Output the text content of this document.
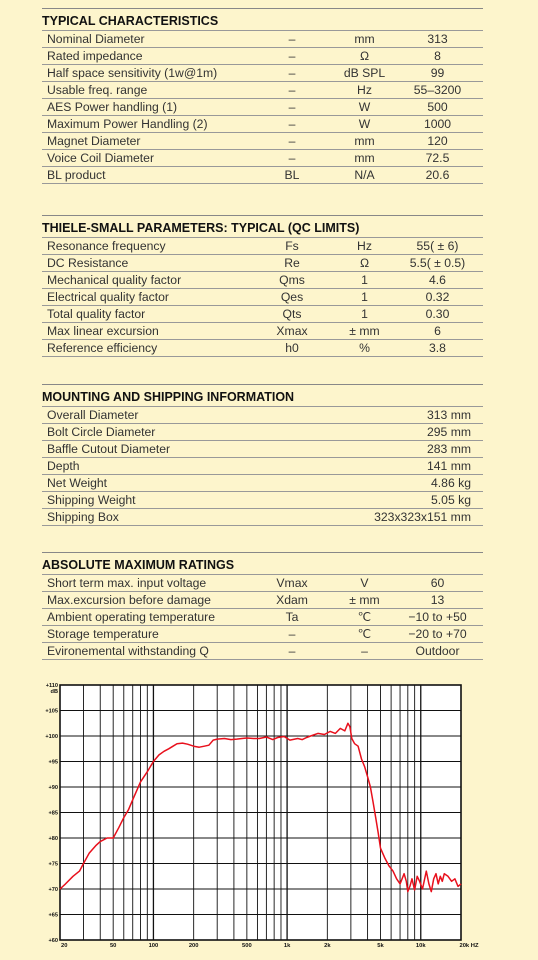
TYPICAL CHARACTERISTICS
Nominal Diameter	–	mm	313
Rated impedance	–	Ω	8
Half space sensitivity (1w@1m)	–	dB SPL	99
Usable freq. range	–	Hz	55–3200
AES Power handling (1)	–	W	500
Maximum Power Handling (2)	–	W	1000
Magnet Diameter	–	mm	120
Voice Coil Diameter	–	mm	72.5
BL product	BL	N/A	20.6
THIELE-SMALL PARAMETERS: TYPICAL (QC LIMITS)
Resonance frequency	Fs	Hz	55( ± 6)
DC Resistance	Re	Ω	5.5( ± 0.5)
Mechanical quality factor	Qms	1	4.6
Electrical quality factor	Qes	1	0.32
Total quality factor	Qts	1	0.30
Max linear excursion	Xmax	± mm	6
Reference efficiency	h0	%	3.8
MOUNTING AND SHIPPING INFORMATION
Overall Diameter	313 mm
Bolt Circle Diameter	295 mm
Baffle Cutout Diameter	283 mm
Depth	141 mm
Net Weight	4.86 kg
Shipping Weight	5.05 kg
Shipping Box	323x323x151 mm
ABSOLUTE MAXIMUM RATINGS
Short term max. input voltage	Vmax	V	60
Max.excursion before damage	Xdam	± mm	13
Ambient operating temperature	Ta	℃	−10 to +50
Storage temperature	–	℃	−20 to +70
Evironemental withstanding Q	–	–	Outdoor
+110
dB
+105
+100
+95
+90
+85
+80
+75
+70
+65
+60
20	50	100	200	500	1k	2k	5k	10k	20k HZ
